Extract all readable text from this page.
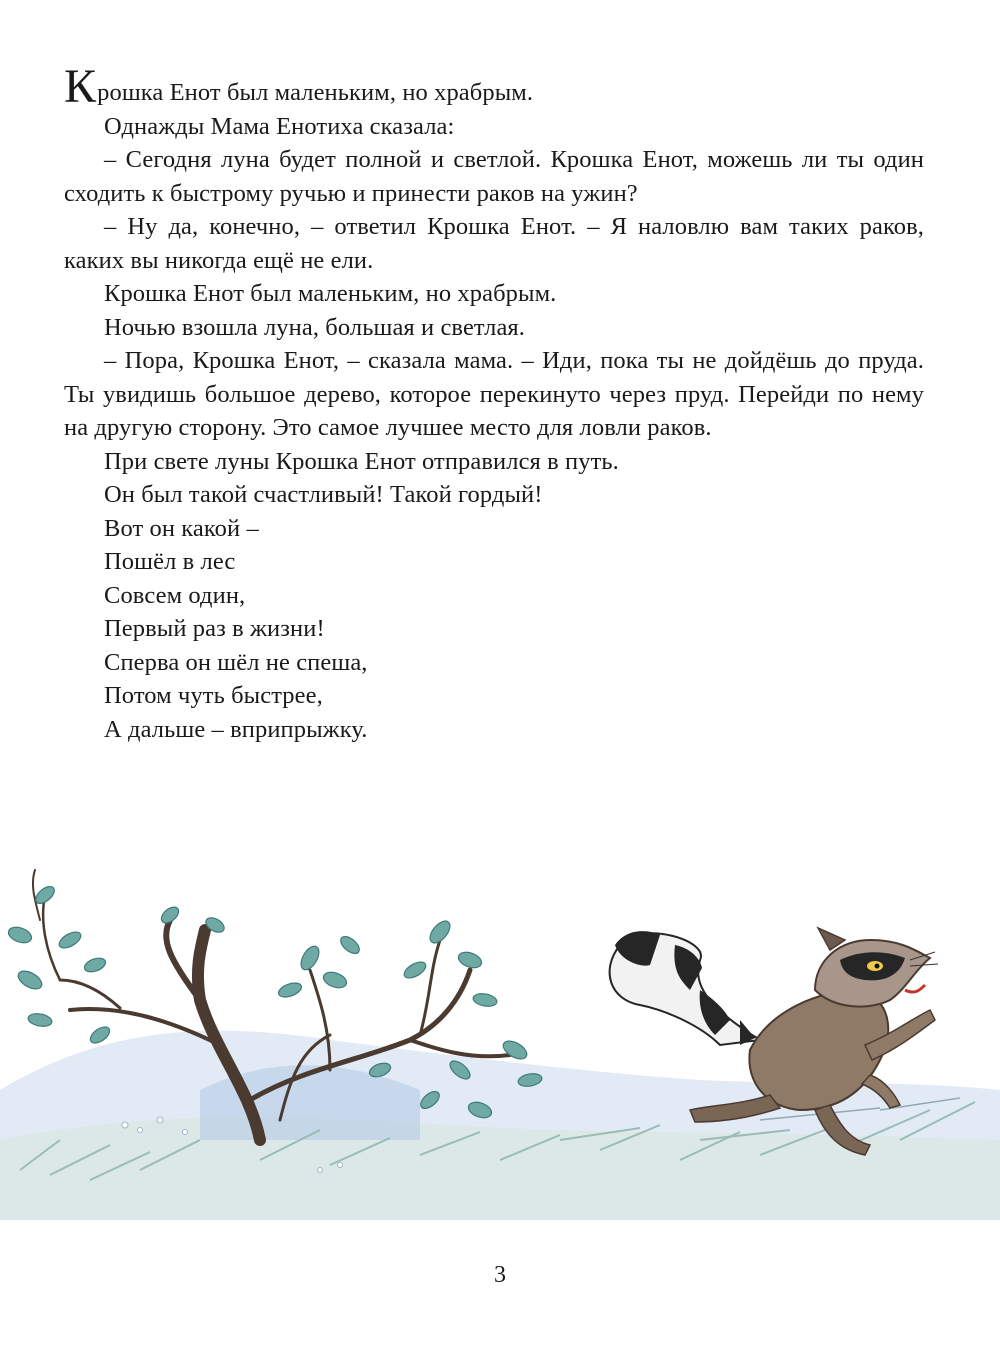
Крошка Енот был маленьким, но храбрым.

Однажды Мама Енотиха сказала:

– Сегодня луна будет полной и светлой. Крошка Енот, можешь ли ты один сходить к быстрому ручью и принести раков на ужин?

– Ну да, конечно, – ответил Крошка Енот. – Я наловлю вам таких раков, каких вы никогда ещё не ели.

Крошка Енот был маленьким, но храбрым.

Ночью взошла луна, большая и светлая.

– Пора, Крошка Енот, – сказала мама. – Иди, пока ты не дойдёшь до пруда. Ты увидишь большое дерево, которое перекинуто через пруд. Перейди по нему на другую сторону. Это самое лучшее место для ловли раков.

При свете луны Крошка Енот отправился в путь.

Он был такой счастливый! Такой гордый!

Вот он какой –

Пошёл в лес

Совсем один,

Первый раз в жизни!

Сперва он шёл не спеша,

Потом чуть быстрее,

А дальше – вприпрыжку.

3
